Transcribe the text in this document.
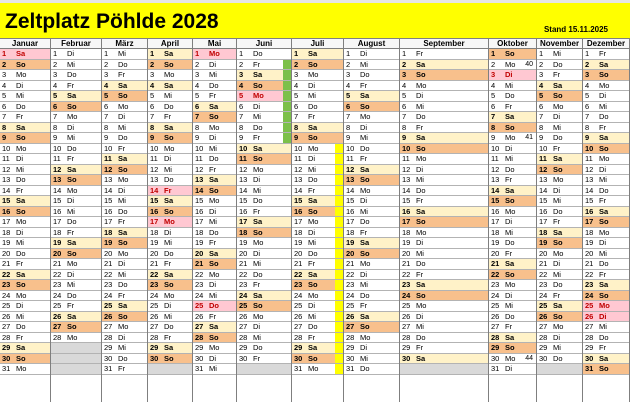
Zeltplatz Pöhlde 2028	Stand 15.11.2025
Januar
1 Sa
2 So
3 Mo
4 Di
5 Mi
6 Do
7 Fr
8 Sa
9 So
10 Mo
11 Di
12 Mi
13 Do
14 Fr
15 Sa
16 So
17 Mo
18 Di
19 Mi
20 Do
21 Fr
22 Sa
23 So
24 Mo
25 Di
26 Mi
27 Do
28 Fr
29 Sa
30 So
31 Mo
Februar
1 Di
2 Mi
3 Do
4 Fr
5 Sa
6 So
7 Mo
8 Di
9 Mi
10 Do
11 Fr
12 Sa
13 So
14 Mo
15 Di
16 Mi
17 Do
18 Fr
19 Sa
20 So
21 Mo
22 Di
23 Mi
24 Do
25 Fr
26 Sa
27 So
28 Mo
März
1 Mi
2 Do
3 Fr
4 Sa
5 So
6 Mo
7 Di
8 Mi
9 Do
10 Fr
11 Sa
12 So
13 Mo
14 Di
15 Mi
16 Do
17 Fr
18 Sa
19 So
20 Mo
21 Di
22 Mi
23 Do
24 Fr
25 Sa
26 So
27 Mo
28 Di
29 Mi
30 Do
31 Fr
April
1 Sa
2 So
3 Mo
4 Sa
5 Mi
6 Do
7 Fr
8 Sa
9 So
10 Mo
11 Di
12 Mi
13 Do
14 Fr
15 Sa
16 So
17 Mo
18 Di
19 Mi
20 Do
21 Fr
22 Sa
23 So
24 Mo
25 Di
26 Mi
27 Do
28 Fr
29 Sa
30 So
Mai
1 Mo
2 Di
3 Mi
4 Do
5 Fr
6 Sa
7 So
8 Mo
9 Di
10 Mi
11 Do
12 Fr
13 Sa
14 So
15 Mo
16 Di
17 Mi
18 Do
19 Fr
20 Sa
21 So
22 Mo
23 Di
24 Mi
25 Do
26 Fr
27 Sa
28 So
29 Mo
30 Di
31 Mi
Juni
1 Do
2 Fr
3 Sa
4 So
5 Mo
6 Di
7 Mi
8 Do
9 Fr
10 Sa
11 So
12 Mo
13 Di
14 Mi
15 Do
16 Fr
17 Sa
18 So
19 Mo
20 Di
21 Mi
22 Do
23 Fr
24 Sa
25 So
26 Mo
27 Di
28 Mi
29 Do
30 Fr
Juli
1 Sa
2 So
3 Mo
4 Di
5 Mi
6 Do
7 Fr
8 Sa
9 So
10 Mo
11 Di
12 Mi
13 Do
14 Fr
15 Sa
16 So
17 Mo
18 Di
19 Mi
20 Do
21 Fr
22 Sa
23 So
24 Mo
25 Di
26 Mi
27 Do
28 Fr
29 Sa
30 So
31 Mo
August
1 Di
2 Mi
3 Do
4 Fr
5 Sa
6 So
7 Mo
8 Di
9 Mi
10 Do
11 Fr
12 Sa
13 So
14 Mo
15 Di
16 Mi
17 Do
18 Fr
19 Sa
20 So
21 Mo
22 Di
23 Mi
24 Do
25 Fr
26 Sa
27 So
28 Mo
29 Di
30 Mi
31 Do
September
1 Fr
2 Sa
3 So
4 Mo
5 Di
6 Mi
7 Do
8 Fr
9 Sa
10 So
11 Mo
12 Di
13 Mi
14 Do
15 Fr
16 Sa
17 So
18 Mo
19 Di
20 Mi
21 Do
22 Fr
23 Sa
24 So
25 Mo
26 Di
27 Mi
28 Do
29 Fr
30 Sa
Oktober
1 So
2 Mo 40
3 Di
4 Mi
5 Do
6 Fr
7 Sa
8 So
9 Mo 41
10 Di
11 Mi
12 Do
13 Fr
14 Sa
15 So
16 Mo
17 Di
18 Mi
19 Do
20 Fr
21 Sa
22 So
23 Mo
24 Di
25 Mi
26 Do
27 Fr
28 Sa
29 So
30 Mo 44
31 Di
November
1 Mi
2 Do
3 Fr
4 Sa
5 So
6 Mo
7 Di
8 Mi
9 Do
10 Fr
11 Sa
12 So
13 Mo
14 Di
15 Mi
16 Do
17 Fr
18 Sa
19 So
20 Mo
21 Di
22 Mi
23 Do
24 Fr
25 Sa
26 So
27 Mo
28 Di
29 Mi
30 Do
Dezember
1 Fr
2 Sa
3 So
4 Mo
5 Di
6 Mi
7 Do
8 Fr
9 Sa
10 So
11 Mo
12 Di
13 Mi
14 Do
15 Fr
16 Sa
17 So
18 Mo
19 Di
20 Mi
21 Do
22 Fr
23 Sa
24 So
25 Mo
26 Di
27 Mi
28 Do
29 Fr
30 Sa
31 So
